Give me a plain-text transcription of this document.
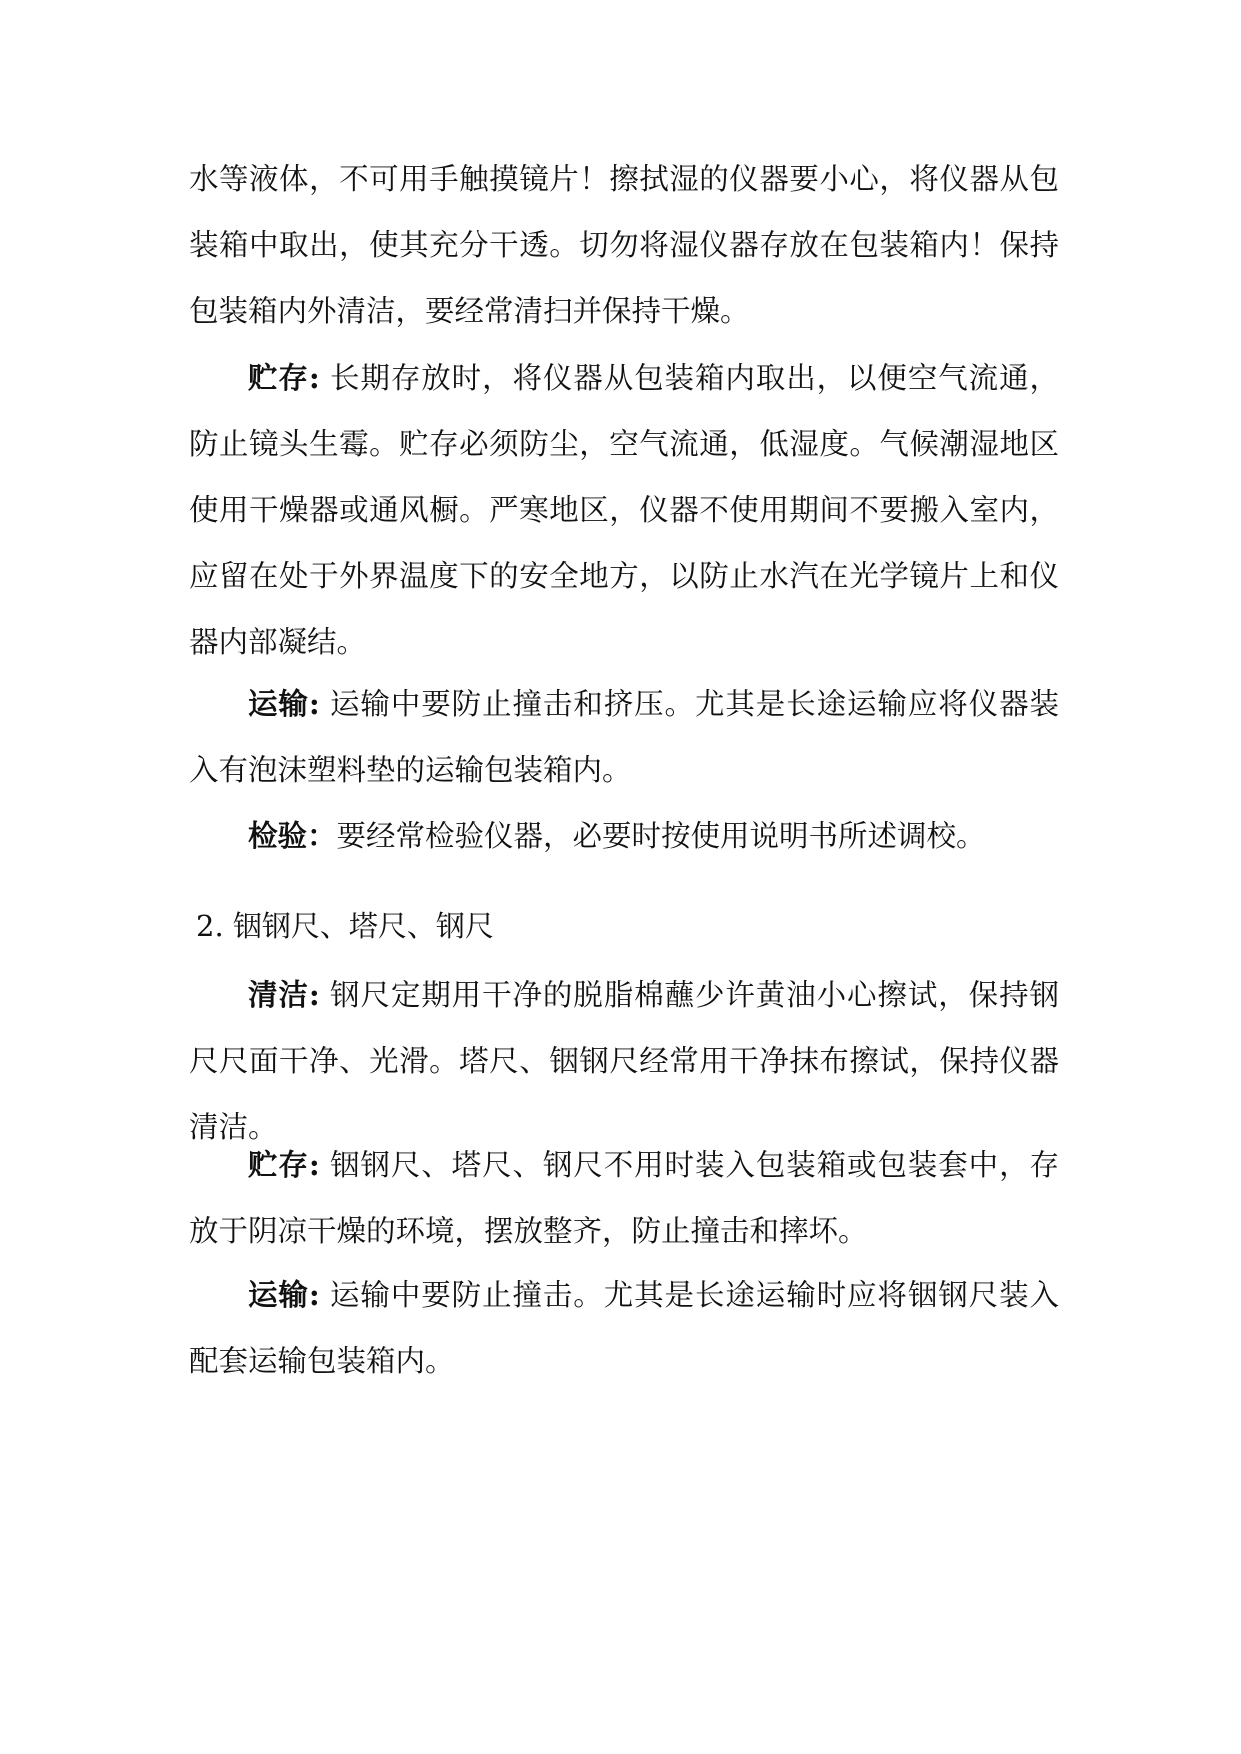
水等液体，不可用手触摸镜片！擦拭湿的仪器要小心，将仪器从包装箱中取出，使其充分干透。切勿将湿仪器存放在包装箱内！保持包装箱内外清洁，要经常清扫并保持干燥。

贮存: 长期存放时，将仪器从包装箱内取出，以便空气流通，防止镜头生霉。贮存必须防尘，空气流通，低湿度。气候潮湿地区使用干燥器或通风橱。严寒地区，仪器不使用期间不要搬入室内，应留在处于外界温度下的安全地方，以防止水汽在光学镜片上和仪器内部凝结。

运输: 运输中要防止撞击和挤压。尤其是长途运输应将仪器装入有泡沫塑料垫的运输包装箱内。

检验：要经常检验仪器，必要时按使用说明书所述调校。

2. 铟钢尺、塔尺、钢尺

清洁: 钢尺定期用干净的脱脂棉蘸少许黄油小心擦试，保持钢尺尺面干净、光滑。塔尺、铟钢尺经常用干净抹布擦试，保持仪器清洁。

贮存: 铟钢尺、塔尺、钢尺不用时装入包装箱或包装套中，存放于阴凉干燥的环境，摆放整齐，防止撞击和摔坏。

运输: 运输中要防止撞击。尤其是长途运输时应将铟钢尺装入配套运输包装箱内。
